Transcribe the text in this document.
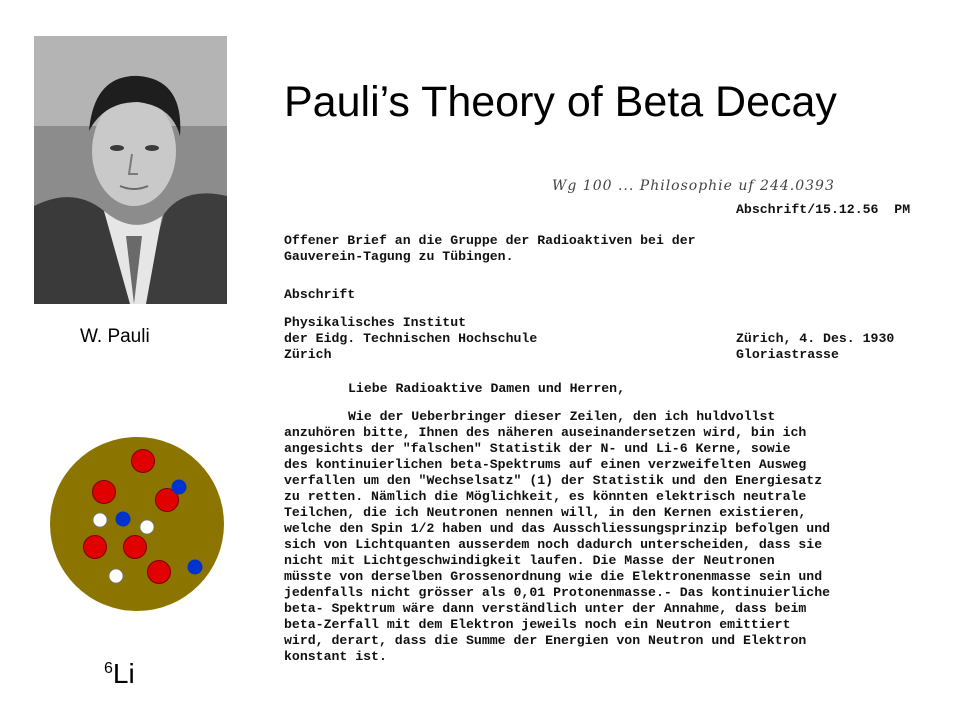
W. Pauli
Pauli’s Theory of Beta Decay
$^6$Li
Wg 100 ... Philosophie uf 244.0393
Abschrift/15.12.56  PM
Offener Brief an die Gruppe der Radioaktiven bei der
Gauverein-Tagung zu Tübingen.
Abschrift
Physikalisches Institut
der Eidg. Technischen Hochschule
Zürich
Zürich, 4. Des. 1930
Gloriastrasse
Liebe Radioaktive Damen und Herren,
Wie der Ueberbringer dieser Zeilen, den ich huldvollst
anzuhören bitte, Ihnen des näheren auseinandersetzen wird, bin ich
angesichts der "falschen" Statistik der N- und Li-6 Kerne, sowie
des kontinuierlichen beta-Spektrums auf einen verzweifelten Ausweg
verfallen um den "Wechselsatz" (1) der Statistik und den Energiesatz
zu retten. Nämlich die Möglichkeit, es könnten elektrisch neutrale
Teilchen, die ich Neutronen nennen will, in den Kernen existieren,
welche den Spin 1/2 haben und das Ausschliessungsprinzip befolgen und
sich von Lichtquanten ausserdem noch dadurch unterscheiden, dass sie
nicht mit Lichtgeschwindigkeit laufen. Die Masse der Neutronen
müsste von derselben Grossenordnung wie die Elektronenmasse sein und
jedenfalls nicht grösser als 0,01 Protonenmasse.- Das kontinuierliche
beta- Spektrum wäre dann verständlich unter der Annahme, dass beim
beta-Zerfall mit dem Elektron jeweils noch ein Neutron emittiert
wird, derart, dass die Summe der Energien von Neutron und Elektron
konstant ist.
